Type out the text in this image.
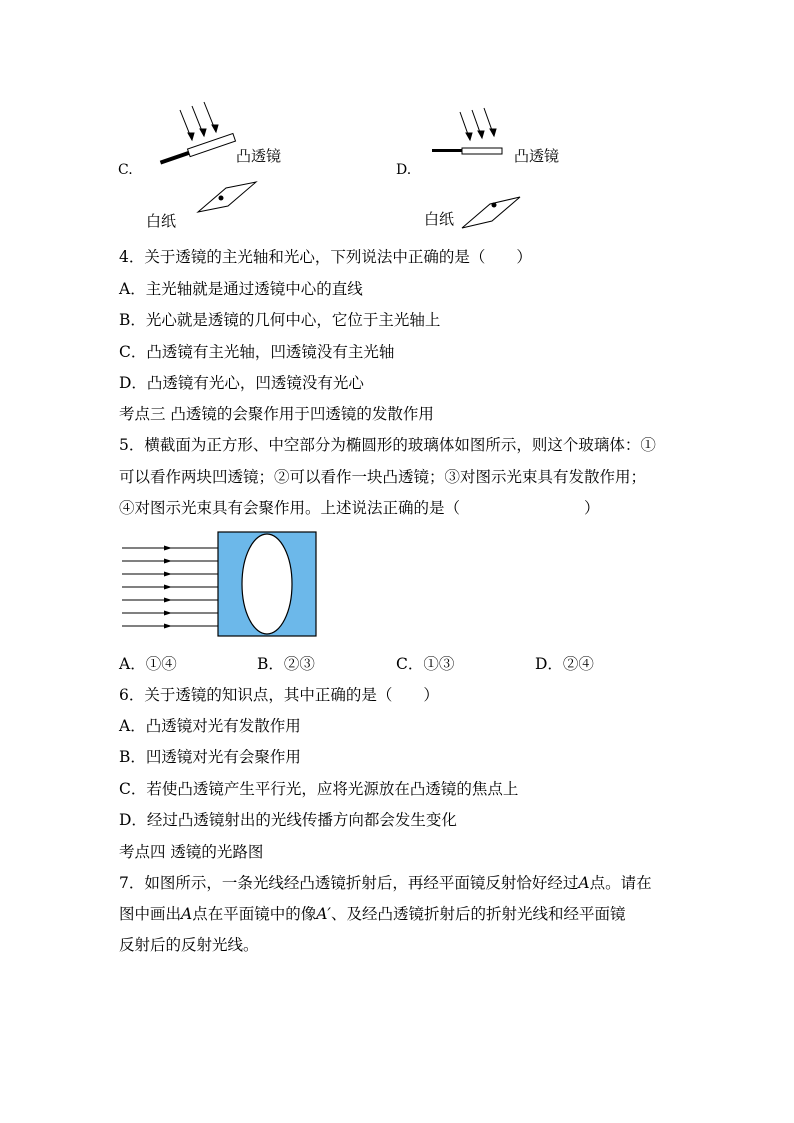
C.
凸透镜
白纸
D.
凸透镜
白纸
4．关于透镜的主光轴和光心，下列说法中正确的是（　　）
A．主光轴就是通过透镜中心的直线
B．光心就是透镜的几何中心，它位于主光轴上
C．凸透镜有主光轴，凹透镜没有主光轴
D．凸透镜有光心，凹透镜没有光心
考点三 凸透镜的会聚作用于凹透镜的发散作用
5．横截面为正方形、中空部分为椭圆形的玻璃体如图所示，则这个玻璃体：①
可以看作两块凹透镜；②可以看作一块凸透镜；③对图示光束具有发散作用；
④对图示光束具有会聚作用。上述说法正确的是（　　　　　　　　）
A．①④	B．②③	C．①③	D．②④
6．关于透镜的知识点，其中正确的是（　　）
A．凸透镜对光有发散作用
B．凹透镜对光有会聚作用
C．若使凸透镜产生平行光，应将光源放在凸透镜的焦点上
D．经过凸透镜射出的光线传播方向都会发生变化
考点四 透镜的光路图
7．如图所示，一条光线经凸透镜折射后，再经平面镜反射恰好经过A点。请在
图中画出A点在平面镜中的像A′、及经凸透镜折射后的折射光线和经平面镜
反射后的反射光线。
